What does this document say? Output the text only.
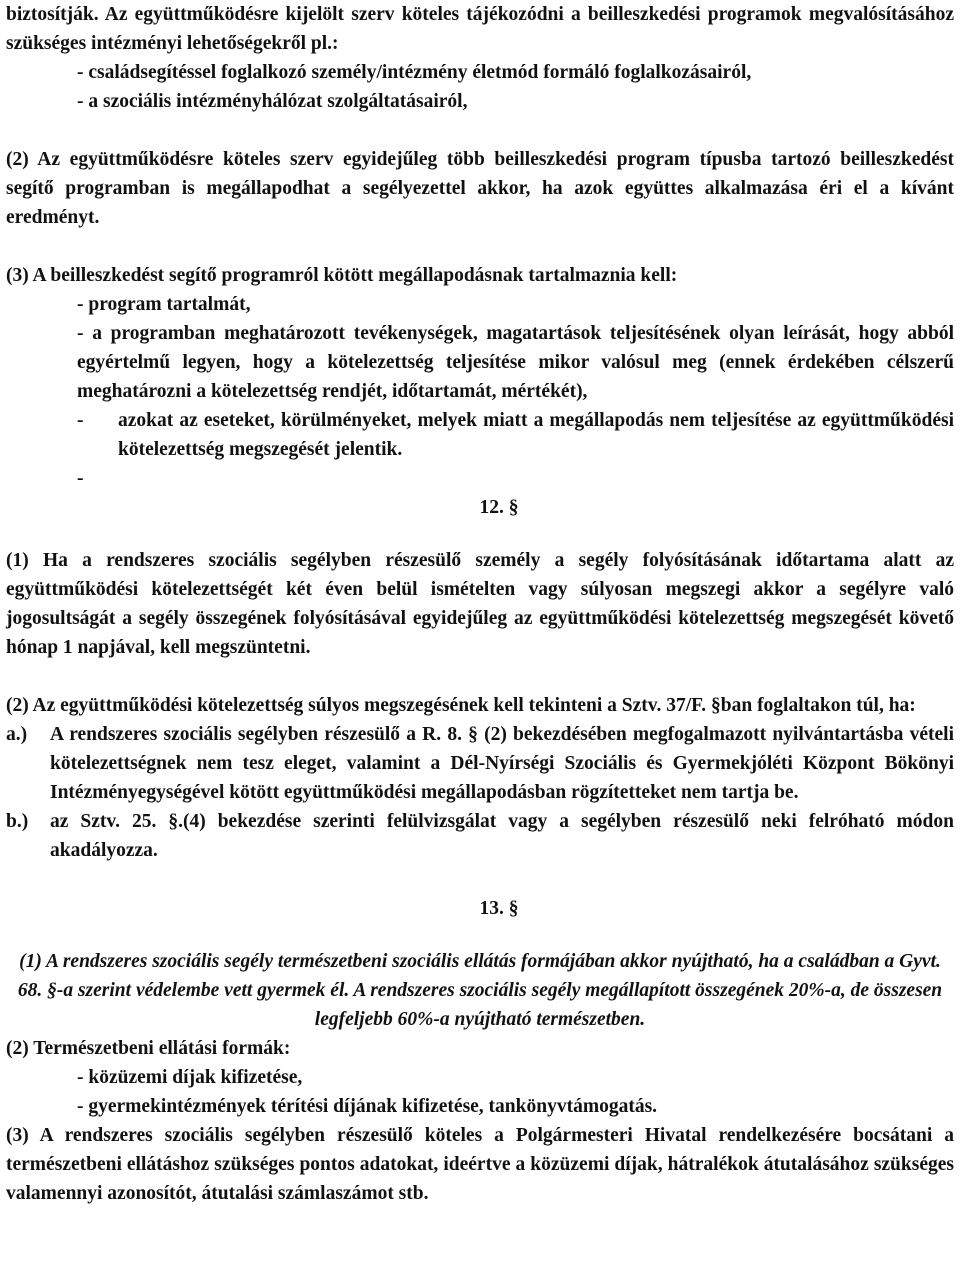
biztosítják. Az együttműködésre kijelölt szerv köteles tájékozódni a beilleszkedési programok megvalósításához szükséges intézményi lehetőségekről pl.:

- családsegítéssel foglalkozó személy/intézmény életmód formáló foglalkozásairól,

- a szociális intézményhálózat szolgáltatásairól,

(2) Az együttműködésre köteles szerv egyidejűleg több beilleszkedési program típusba tartozó beilleszkedést segítő programban is megállapodhat a segélyezettel akkor, ha azok együttes alkalmazása éri el a kívánt eredményt.

(3) A beilleszkedést segítő programról kötött megállapodásnak tartalmaznia kell:

- program tartalmát,

- a programban meghatározott tevékenységek, magatartások teljesítésének olyan leírását, hogy abból egyértelmű legyen, hogy a kötelezettség teljesítése mikor valósul meg (ennek érdekében célszerű meghatározni a kötelezettség rendjét, időtartamát, mértékét),

- azokat az eseteket, körülményeket, melyek miatt a megállapodás nem teljesítése az együttműködési kötelezettség megszegését jelentik.

-

12. §

(1) Ha a rendszeres szociális segélyben részesülő személy a segély folyósításának időtartama alatt az együttműködési kötelezettségét két éven belül ismételten vagy súlyosan megszegi akkor a segélyre való jogosultságát a segély összegének folyósításával egyidejűleg az együttműködési kötelezettség megszegését követő hónap 1 napjával, kell megszüntetni.

(2) Az együttműködési kötelezettség súlyos megszegésének kell tekinteni a Sztv. 37/F. §ban foglaltakon túl, ha:

a.) A rendszeres szociális segélyben részesülő a R. 8. § (2) bekezdésében megfogalmazott nyilvántartásba vételi kötelezettségnek nem tesz eleget, valamint a Dél-Nyírségi Szociális és Gyermekjóléti Központ Bökönyi Intézményegységével kötött együttműködési megállapodásban rögzítetteket nem tartja be.

b.) az Sztv. 25. §.(4) bekezdése szerinti felülvizsgálat vagy a segélyben részesülő neki felróható módon akadályozza.

13. §

(1) A rendszeres szociális segély természetbeni szociális ellátás formájában akkor nyújtható, ha a családban a Gyvt. 68. §-a szerint védelembe vett gyermek él. A rendszeres szociális segély megállapított összegének 20%-a, de összesen legfeljebb 60%-a nyújtható természetben.

(2) Természetbeni ellátási formák:

- közüzemi díjak kifizetése,

- gyermekintézmények térítési díjának kifizetése, tankönyvtámogatás.

(3) A rendszeres szociális segélyben részesülő köteles a Polgármesteri Hivatal rendelkezésére bocsátani a természetbeni ellátáshoz szükséges pontos adatokat, ideértve a közüzemi díjak, hátralékok átutalásához szükséges valamennyi azonosítót, átutalási számlaszámot stb.
